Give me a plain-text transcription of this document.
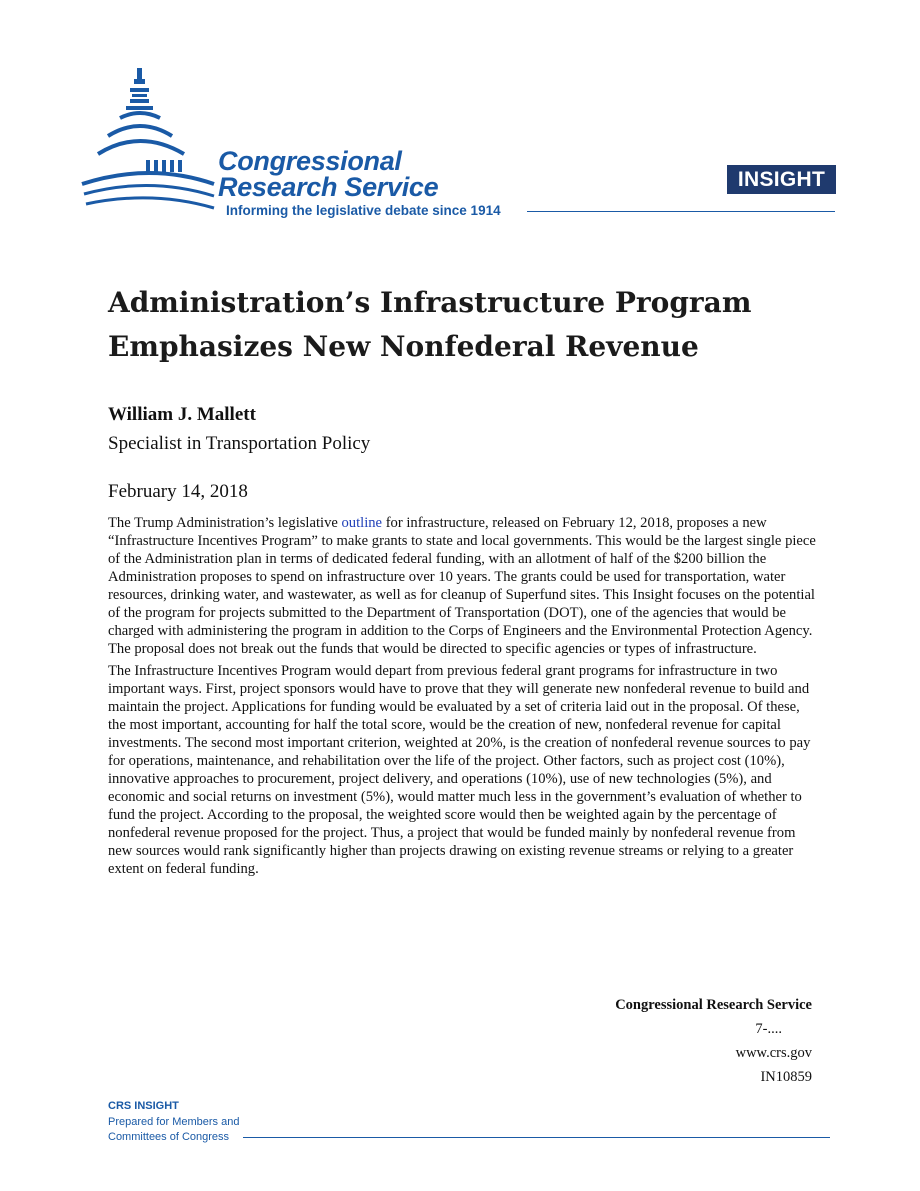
Congressional
Research Service
Informing the legislative debate since 1914
INSIGHT
Administration’s Infrastructure Program Emphasizes New Nonfederal Revenue
William J. Mallett
Specialist in Transportation Policy
February 14, 2018

The Trump Administration’s legislative outline for infrastructure, released on February 12, 2018, proposes a new “Infrastructure Incentives Program” to make grants to state and local governments. This would be the largest single piece of the Administration plan in terms of dedicated federal funding, with an allotment of half of the $200 billion the Administration proposes to spend on infrastructure over 10 years. The grants could be used for transportation, water resources, drinking water, and wastewater, as well as for cleanup of Superfund sites. This Insight focuses on the potential of the program for projects submitted to the Department of Transportation (DOT), one of the agencies that would be charged with administering the program in addition to the Corps of Engineers and the Environmental Protection Agency. The proposal does not break out the funds that would be directed to specific agencies or types of infrastructure.

The Infrastructure Incentives Program would depart from previous federal grant programs for infrastructure in two important ways. First, project sponsors would have to prove that they will generate new nonfederal revenue to build and maintain the project. Applications for funding would be evaluated by a set of criteria laid out in the proposal. Of these, the most important, accounting for half the total score, would be the creation of new, nonfederal revenue for capital investments. The second most important criterion, weighted at 20%, is the creation of nonfederal revenue sources to pay for operations, maintenance, and rehabilitation over the life of the project. Other factors, such as project cost (10%), innovative approaches to procurement, project delivery, and operations (10%), use of new technologies (5%), and economic and social returns on investment (5%), would matter much less in the government’s evaluation of whether to fund the project. According to the proposal, the weighted score would then be weighted again by the percentage of nonfederal revenue proposed for the project. Thus, a project that would be funded mainly by nonfederal revenue from new sources would rank significantly higher than projects drawing on existing revenue streams or relying to a greater extent on federal funding.

Congressional Research Service
7-....
www.crs.gov
IN10859
CRS INSIGHT
Prepared for Members and
Committees of Congress
